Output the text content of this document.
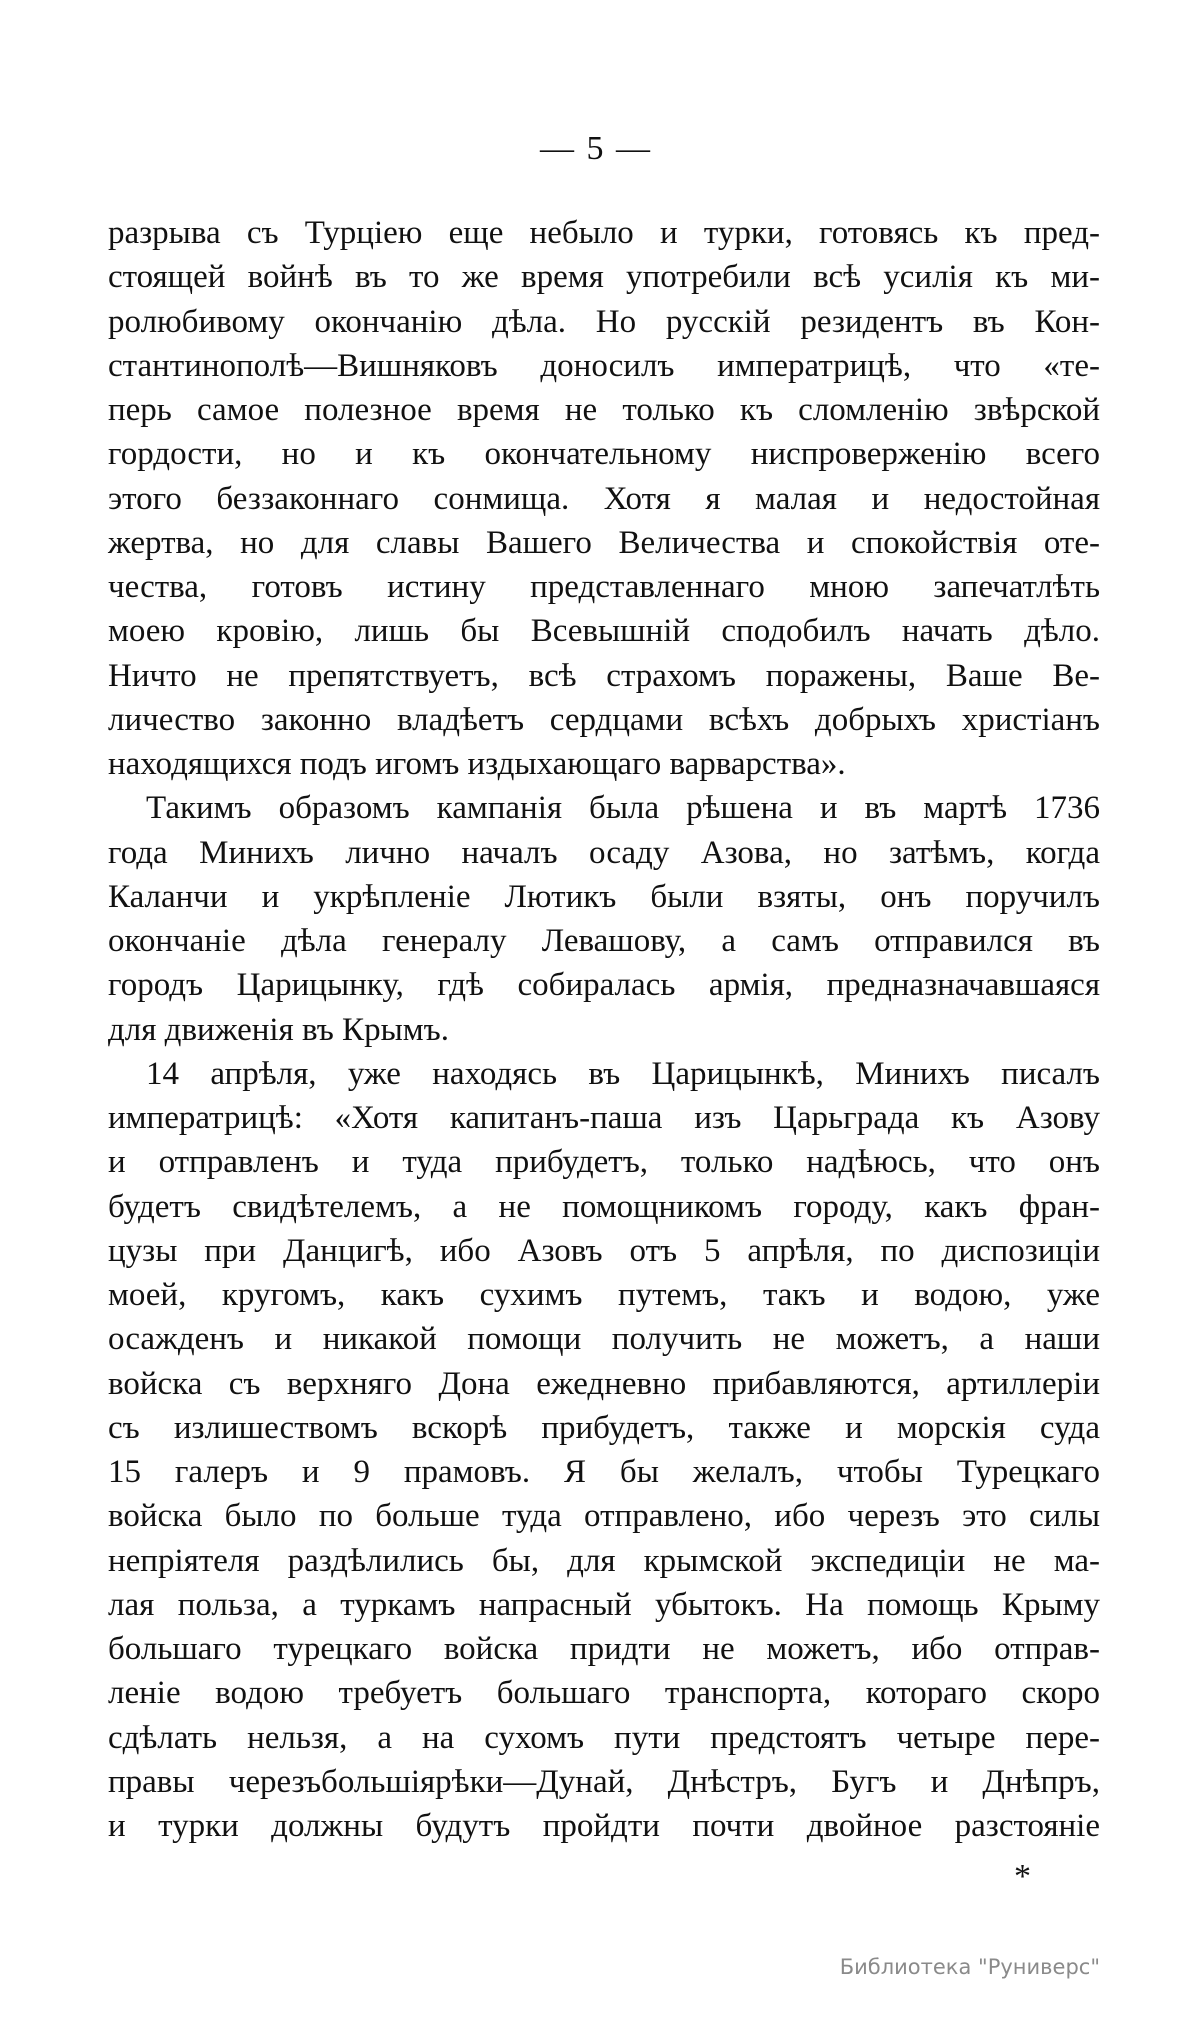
— 5 —
разрыва съ Турціею еще небыло и турки, готовясь къ пред-
стоящей войнѣ въ то же время употребили всѣ усилія къ ми-
ролюбивому окончанію дѣла. Но русскій резидентъ въ Кон-
стантинополѣ—Вишняковъ доносилъ императрицѣ, что «те-
перь самое полезное время не только къ сломленію звѣрской
гордости, но и къ окончательному ниспроверженію всего
этого беззаконнаго сонмища. Хотя я малая и недостойная
жертва, но для славы Вашего Величества и спокойствія оте-
чества, готовъ истину представленнаго мною запечатлѣть
моею кровію, лишь бы Всевышній сподобилъ начать дѣло.
Ничто не препятствуетъ, всѣ страхомъ поражены, Ваше Ве-
личество законно владѣетъ сердцами всѣхъ добрыхъ христіанъ
находящихся подъ игомъ издыхающаго варварства».
Такимъ образомъ кампанія была рѣшена и въ мартѣ 1736
года Минихъ лично началъ осаду Азова, но затѣмъ, когда
Каланчи и укрѣпленіе Лютикъ были взяты, онъ поручилъ
окончаніе дѣла генералу Левашову, а самъ отправился въ
городъ Царицынку, гдѣ собиралась армія, предназначавшаяся
для движенія въ Крымъ.
14 апрѣля, уже находясь въ Царицынкѣ, Минихъ писалъ
императрицѣ: «Хотя капитанъ-паша изъ Царьграда къ Азову
и отправленъ и туда прибудетъ, только надѣюсь, что онъ
будетъ свидѣтелемъ, а не помощникомъ городу, какъ фран-
цузы при Данцигѣ, ибо Азовъ отъ 5 апрѣля, по диспозиціи
моей, кругомъ, какъ сухимъ путемъ, такъ и водою, уже
осажденъ и никакой помощи получить не можетъ, а наши
войска съ верхняго Дона ежедневно прибавляются, артиллеріи
съ излишествомъ вскорѣ прибудетъ, также и морскія суда
15 галеръ и 9 прамовъ. Я бы желалъ, чтобы Турецкаго
войска было по больше туда отправлено, ибо черезъ это силы
непріятеля раздѣлились бы, для крымской экспедиціи не ма-
лая польза, а туркамъ напрасный убытокъ. На помощь Крыму
большаго турецкаго войска придти не можетъ, ибо отправ-
леніе водою требуетъ большаго транспорта, котораго скоро
сдѣлать нельзя, а на сухомъ пути предстоятъ четыре пере-
правы черезъбольшіярѣки—Дунай, Днѣстръ, Бугъ и Днѣпръ,
и турки должны будутъ пройдти почти двойное разстояніе
*
Библиотека "Руниверс"
